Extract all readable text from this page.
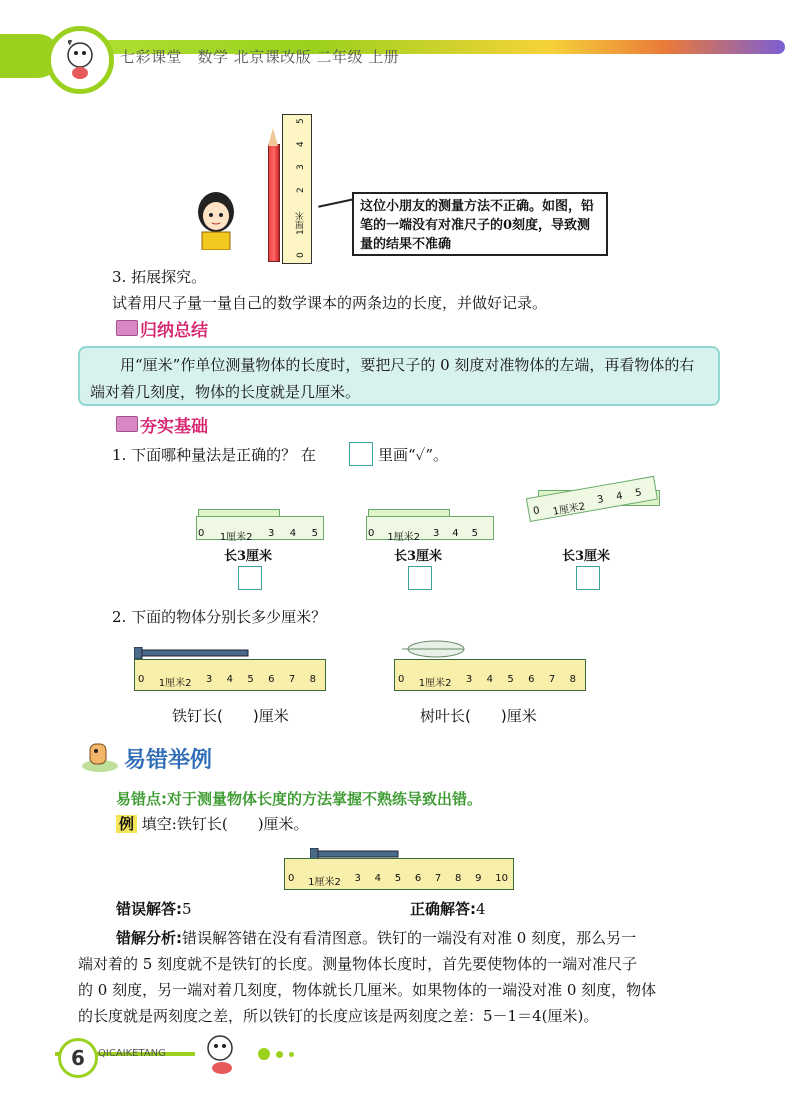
七彩课堂　数学 北京课改版 二年级 上册
0
1厘米
2
3
4
5
这位小朋友的测量方法不正确。如图，铅笔的一端没有对准尺子的0刻度，导致测量的结果不准确
3. 拓展探究。
试着用尺子量一量自己的数学课本的两条边的长度，并做好记录。
归纳总结
用“厘米”作单位测量物体的长度时，要把尺子的 0 刻度对准物体的左端，再看物体的右端对着几刻度，物体的长度就是几厘米。
夯实基础
1. 下面哪种量法是正确的？ 在	里画“✓”。
0 1厘米2 3 4 5
长3厘米
0 1厘米2 3 4 5
长3厘米
0 1厘米2
3 4 5
长3厘米
2. 下面的物体分别长多少厘米？
0 1厘米2 3 4 5 6 7 8
铁钉长(　　)厘米
0 1厘米2 3 4 5 6 7 8
树叶长(　　)厘米
易错举例
易错点:对于测量物体长度的方法掌握不熟练导致出错。
例 填空:铁钉长(　　)厘米。
0 1厘米2 3 4 5 6 7 8 9 10
错误解答:5	正确解答:4
错解分析:错误解答错在没有看清图意。铁钉的一端没有对准 0 刻度，那么另一
端对着的 5 刻度就不是铁钉的长度。测量物体长度时，首先要使物体的一端对准尺子
的 0 刻度，另一端对着几刻度，物体就长几厘米。如果物体的一端没对准 0 刻度，物体
的长度就是两刻度之差，所以铁钉的长度应该是两刻度之差：5－1＝4(厘米)。
6	QICAIKETANG
